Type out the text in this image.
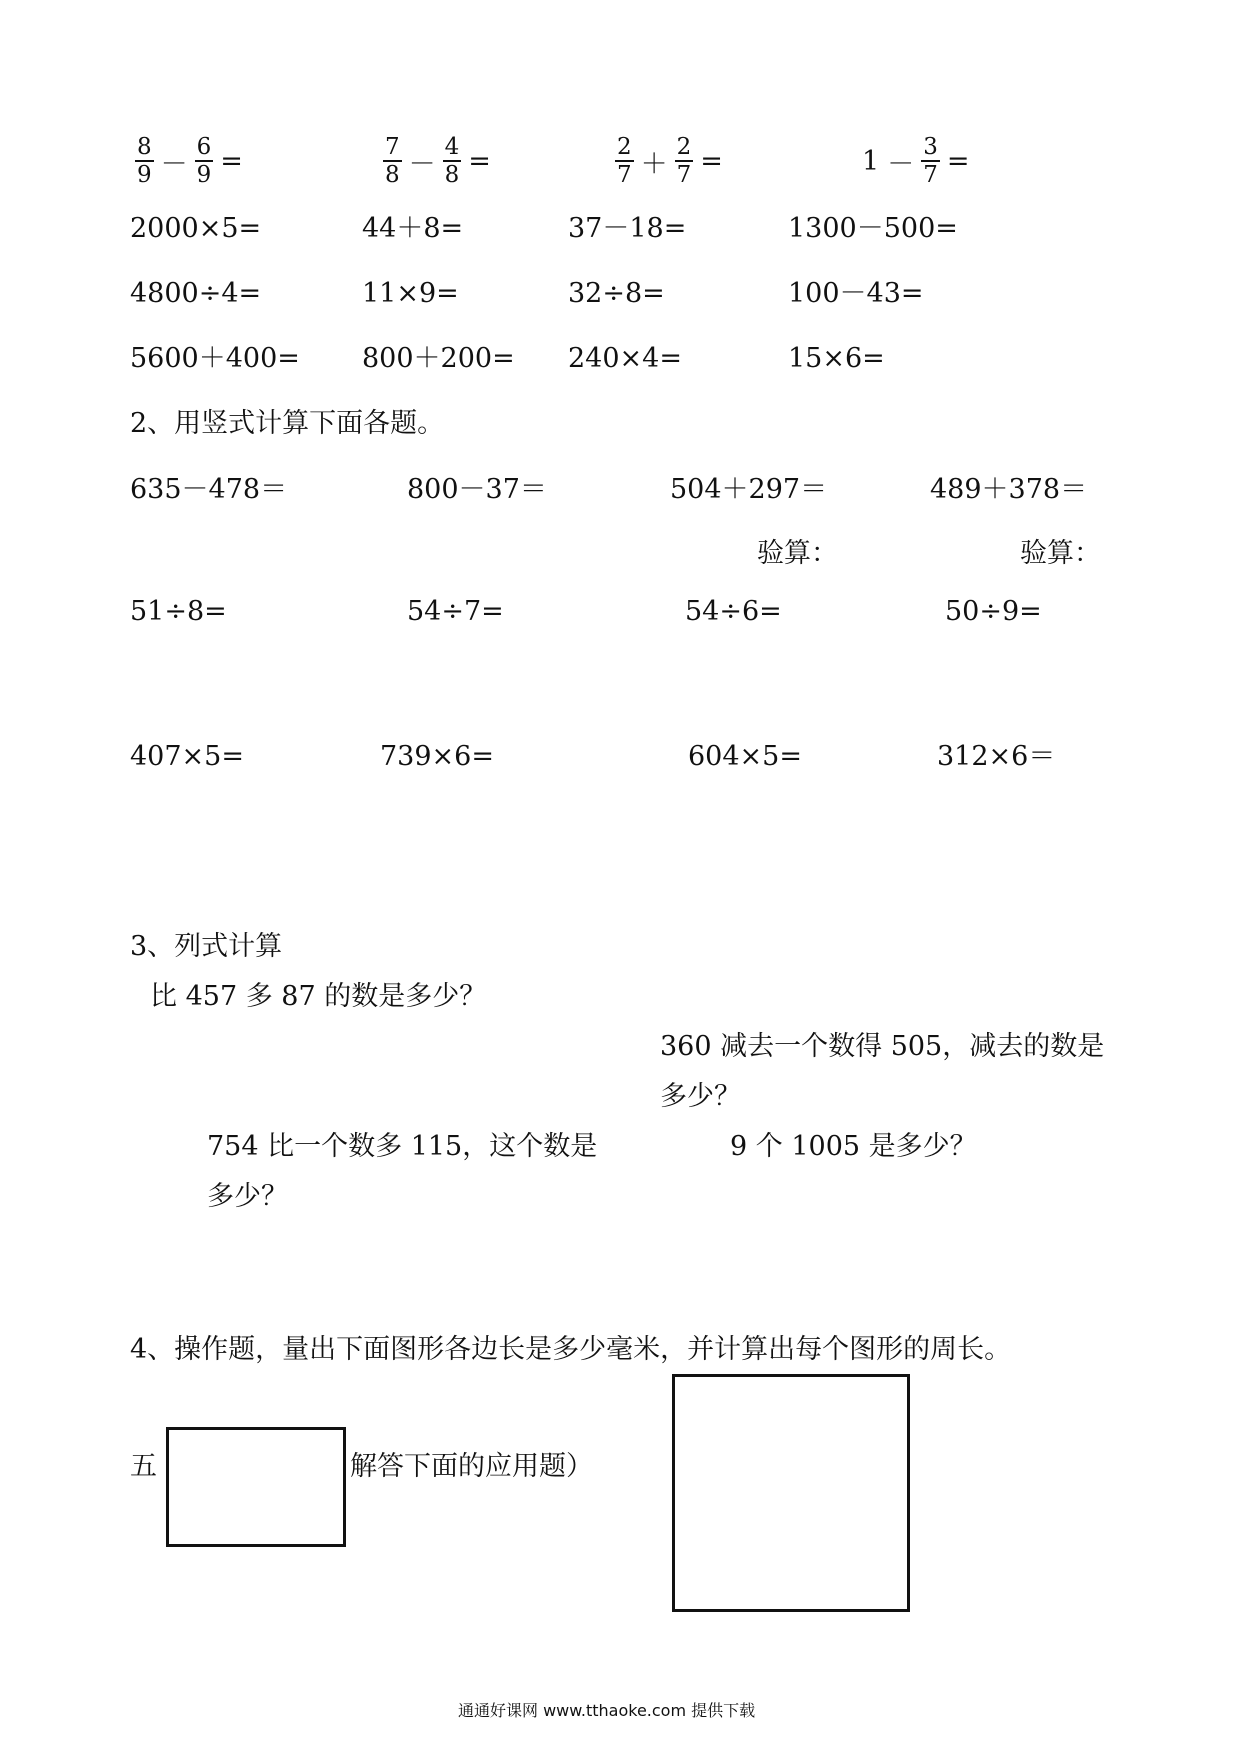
$\frac{8}{9} - \frac{6}{9}$ =	$\frac{7}{8} - \frac{4}{8}$ =	$\frac{2}{7} + \frac{2}{7}$ =	$1 - \frac{3}{7}$ =
2000×5=	44＋8=	37－18=	1300－500=
4800÷4=	11×9=	32÷8=	100－43=
5600＋400= 800＋200= 240×4=	15×6=
2、用竖式计算下面各题。
635－478＝	800－37＝	504＋297＝	489＋378＝
验算：	验算：
51÷8=	54÷7=	54÷6=	50÷9=
407×5=	739×6=	604×5=	312×6＝
3、列式计算
比 457 多 87 的数是多少？
360 减去一个数得 505，减去的数是
多少？
754 比一个数多 115，这个数是
多少？
9 个 1005 是多少？
4、操作题，量出下面图形各边长是多少毫米，并计算出每个图形的周长。
五	解答下面的应用题）
通通好课网 www.tthaoke.com 提供下载
